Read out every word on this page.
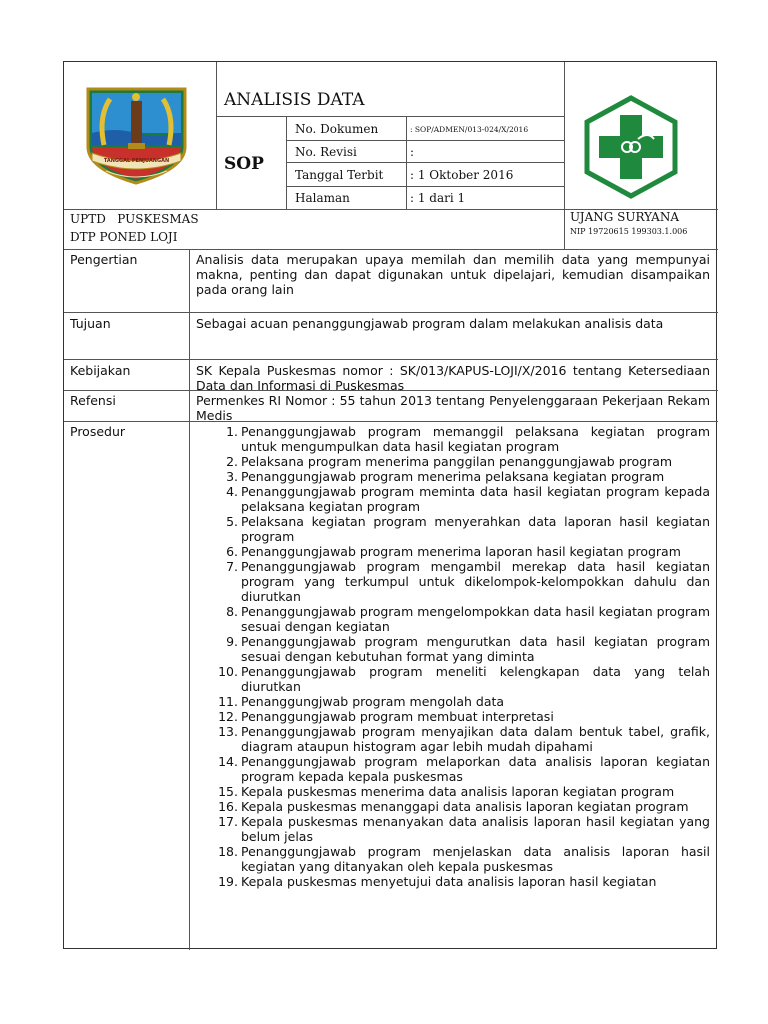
TANGGAL PENJUANGAN
ANALISIS DATA
SOP
No. Dokumen	: SOP/ADMEN/013-024/X/2016
No. Revisi	:
Tanggal Terbit : 1 Oktober 2016
Halaman	: 1 dari 1
UPTD   PUSKESMAS
DTP PONED LOJI
UJANG SURYANA
NIP 19720615 199303.1.006
Pengertian	Analisis data merupakan upaya memilah dan memilih data yang mempunyai makna, penting dan dapat digunakan untuk dipelajari, kemudian disampaikan pada orang lain
Tujuan	Sebagai acuan penanggungjawab program dalam melakukan analisis data
Kebijakan	SK Kepala Puskesmas nomor : SK/013/KAPUS-LOJI/X/2016 tentang Ketersediaan Data dan Informasi di Puskesmas
Refensi	Permenkes RI Nomor : 55 tahun 2013 tentang Penyelenggaraan Pekerjaan Rekam Medis
Prosedur	1. Penanggungjawab program memanggil pelaksana kegiatan program untuk mengumpulkan data hasil kegiatan program
2. Pelaksana program menerima panggilan penanggungjawab program
3. Penanggungjawab program menerima pelaksana kegiatan program
4. Penanggungjawab program meminta data hasil kegiatan program kepada pelaksana kegiatan program
5. Pelaksana kegiatan program menyerahkan data laporan hasil kegiatan program
6. Penanggungjawab program menerima laporan hasil kegiatan program
7. Penanggungjawab program mengambil merekap data hasil kegiatan program yang terkumpul untuk dikelompok-kelompokkan dahulu dan diurutkan
8. Penanggungjawab program mengelompokkan data hasil kegiatan program sesuai dengan kegiatan
9. Penanggungjawab program mengurutkan data hasil kegiatan program sesuai dengan kebutuhan format yang diminta
10. Penanggungjawab program meneliti kelengkapan data yang telah diurutkan
11. Penanggungjwab program mengolah data
12. Penanggungjawab program membuat interpretasi
13. Penanggungjawab program menyajikan data dalam bentuk tabel, grafik, diagram ataupun histogram agar lebih mudah dipahami
14. Penanggungjawab program melaporkan data analisis laporan kegiatan program kepada kepala puskesmas
15. Kepala puskesmas menerima data analisis laporan kegiatan program
16. Kepala puskesmas menanggapi data analisis laporan kegiatan program
17. Kepala puskesmas menanyakan data analisis laporan hasil kegiatan yang belum jelas
18. Penanggungjawab program menjelaskan data analisis laporan hasil kegiatan yang ditanyakan oleh kepala puskesmas
19. Kepala puskesmas menyetujui data analisis laporan hasil kegiatan
